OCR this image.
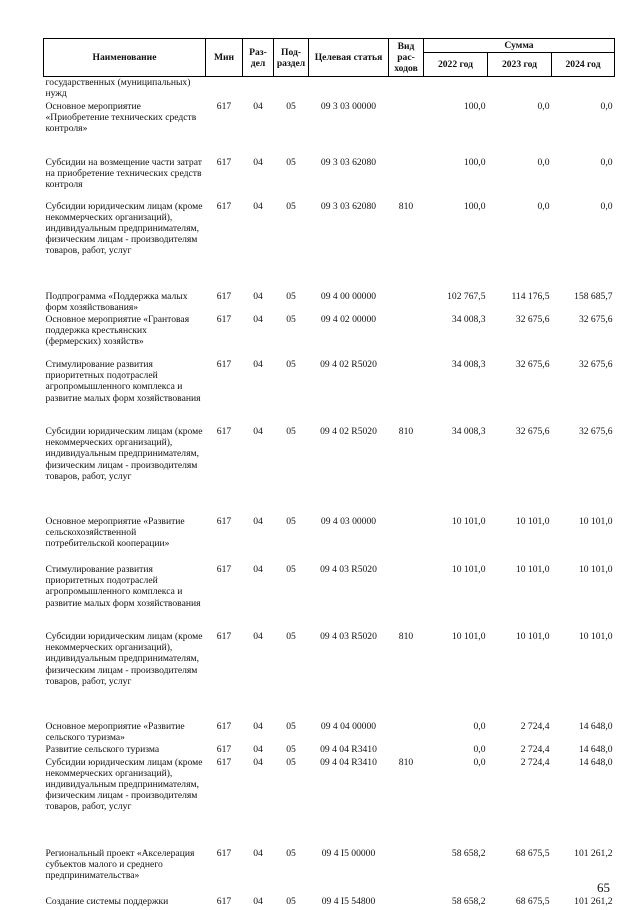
Наименование	Мин	Раз-дел	Под-раздел	Целевая статья	Вид рас-ходов	Сумма		
						2022 год	2023 год	2024 год
государственных (муниципальных) нужд								
Основное мероприятие «Приобретение технических средств контроля»	617	04	05	09 3 03 00000		100,0	0,0	0,0
Субсидии на возмещение части затрат на приобретение технических средств контроля	617	04	05	09 3 03 62080		100,0	0,0	0,0
Субсидии юридическим лицам (кроме некоммерческих организаций), индивидуальным предпринимателям, физическим лицам - производителям товаров, работ, услуг	617	04	05	09 3 03 62080	810	100,0	0,0	0,0
Подпрограмма «Поддержка малых форм хозяйствования»	617	04	05	09 4 00 00000		102 767,5	114 176,5	158 685,7
Основное мероприятие «Грантовая поддержка крестьянских (фермерских) хозяйств»	617	04	05	09 4 02 00000		34 008,3	32 675,6	32 675,6
Стимулирование развития приоритетных подотраслей агропромышленного комплекса и развитие малых форм хозяйствования	617	04	05	09 4 02 R5020		34 008,3	32 675,6	32 675,6
Субсидии юридическим лицам (кроме некоммерческих организаций), индивидуальным предпринимателям, физическим лицам - производителям товаров, работ, услуг	617	04	05	09 4 02 R5020	810	34 008,3	32 675,6	32 675,6
Основное мероприятие «Развитие сельскохозяйственной потребительской кооперации»	617	04	05	09 4 03 00000		10 101,0	10 101,0	10 101,0
Стимулирование развития приоритетных подотраслей агропромышленного комплекса и развитие малых форм хозяйствования	617	04	05	09 4 03 R5020		10 101,0	10 101,0	10 101,0
Субсидии юридическим лицам (кроме некоммерческих организаций), индивидуальным предпринимателям, физическим лицам - производителям товаров, работ, услуг	617	04	05	09 4 03 R5020	810	10 101,0	10 101,0	10 101,0
Основное мероприятие «Развитие сельского туризма»	617	04	05	09 4 04 00000		0,0	2 724,4	14 648,0
Развитие сельского туризма	617	04	05	09 4 04 R3410		0,0	2 724,4	14 648,0
Субсидии юридическим лицам (кроме некоммерческих организаций), индивидуальным предпринимателям, физическим лицам - производителям товаров, работ, услуг	617	04	05	09 4 04 R3410	810	0,0	2 724,4	14 648,0
Региональный проект «Акселерация субъектов малого и среднего предпринимательства»	617	04	05	09 4 I5 00000		58 658,2	68 675,5	101 261,2
Создание системы поддержки	617	04	05	09 4 I5 54800		58 658,2	68 675,5	101 261,2
65
